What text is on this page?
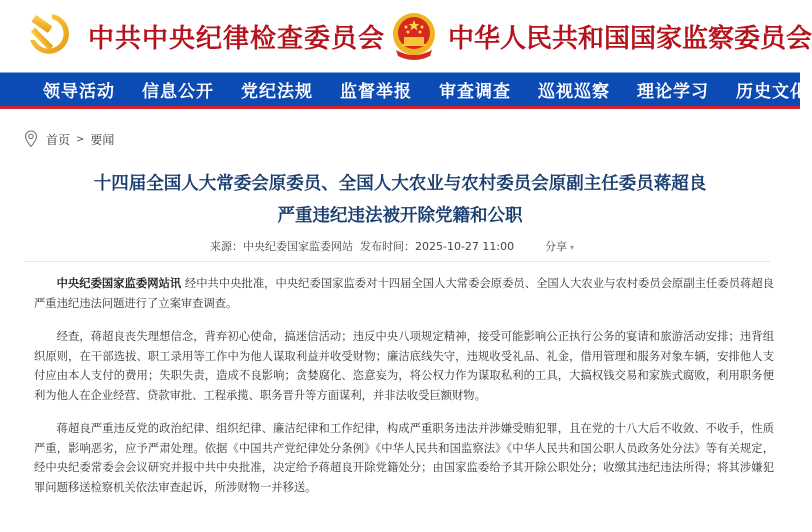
中共中央纪律检查委员会 中华人民共和国国家监察委员会
领导活动 信息公开 党纪法规 监督举报 审查调查 巡视巡察 理论学习 历史文化
首页 > 要闻
十四届全国人大常委会原委员、全国人大农业与农村委员会原副主任委员蒋超良
严重违纪违法被开除党籍和公职
来源：中央纪委国家监委网站 发布时间：2025-10-27 11:00	分享 ▾

中央纪委国家监委网站讯 经中共中央批准，中央纪委国家监委对十四届全国人大常委会原委员、全国人大农业与农村委员会原副主任委员蒋超良严重违纪违法问题进行了立案审查调查。

经查，蒋超良丧失理想信念，背弃初心使命，搞迷信活动；违反中央八项规定精神，接受可能影响公正执行公务的宴请和旅游活动安排；违背组织原则，在干部选拔、职工录用等工作中为他人谋取利益并收受财物；廉洁底线失守，违规收受礼品、礼金，借用管理和服务对象车辆，安排他人支付应由本人支付的费用；失职失责，造成不良影响；贪婪腐化、恣意妄为，将公权力作为谋取私利的工具，大搞权钱交易和家族式腐败，利用职务便利为他人在企业经营、贷款审批、工程承揽、职务晋升等方面谋利，并非法收受巨额财物。

蒋超良严重违反党的政治纪律、组织纪律、廉洁纪律和工作纪律，构成严重职务违法并涉嫌受贿犯罪，且在党的十八大后不收敛、不收手，性质严重，影响恶劣，应予严肃处理。依据《中国共产党纪律处分条例》《中华人民共和国监察法》《中华人民共和国公职人员政务处分法》等有关规定，经中央纪委常委会会议研究并报中共中央批准，决定给予蒋超良开除党籍处分；由国家监委给予其开除公职处分；收缴其违纪违法所得；将其涉嫌犯罪问题移送检察机关依法审查起诉，所涉财物一并移送。
